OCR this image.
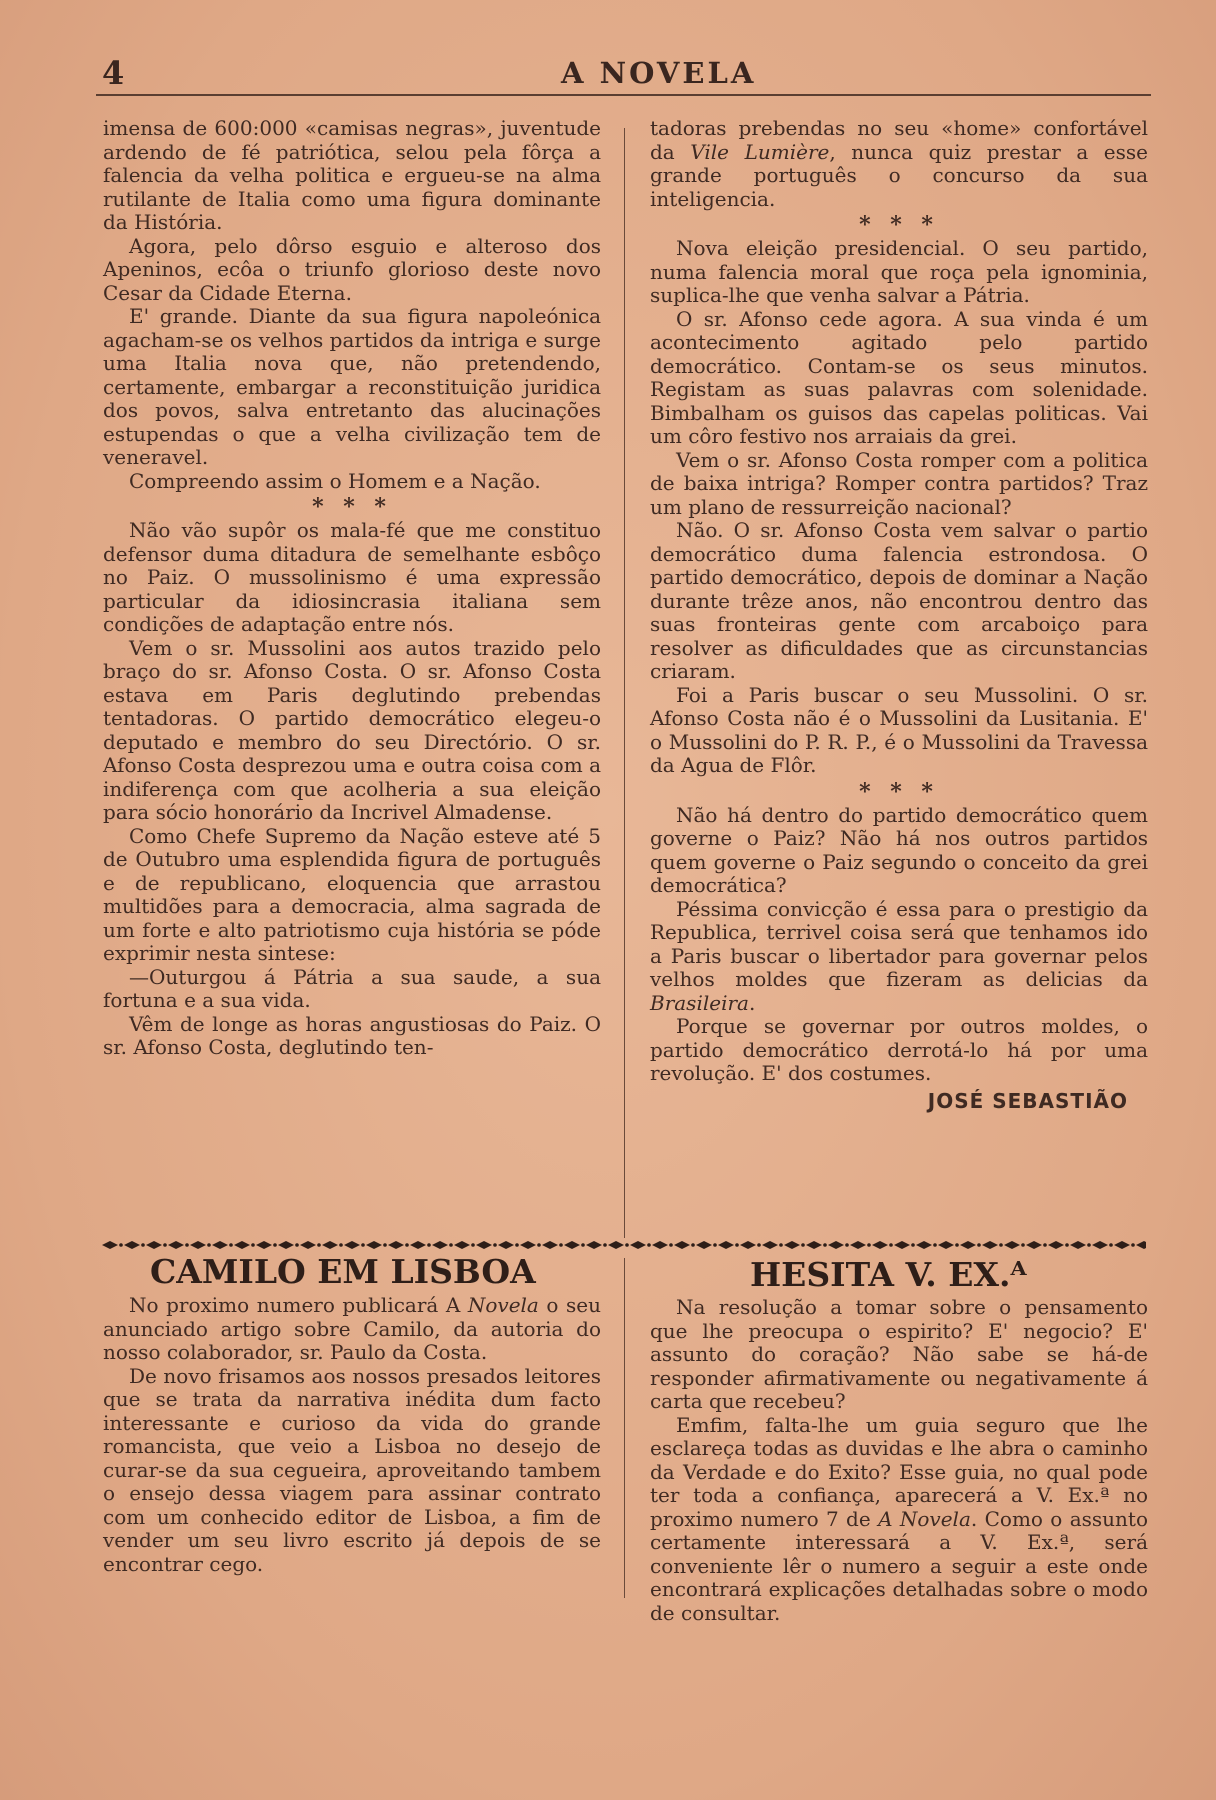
4	A NOVELA

imensa de 600:000 «camisas negras», juventude ardendo de fé patriótica, selou pela fôrça a falencia da velha politica e ergueu-se na alma rutilante de Italia como uma figura dominante da História.

Agora, pelo dôrso esguio e alteroso dos Apeninos, ecôa o triunfo glorioso deste novo Cesar da Cidade Eterna.

E' grande. Diante da sua figura napoleónica agacham-se os velhos partidos da intriga e surge uma Italia nova que, não pretendendo, certamente, embargar a reconstituição juridica dos povos, salva entretanto das alucinações estupendas o que a velha civilização tem de veneravel.

Compreendo assim o Homem e a Nação.

* * *

Não vão supôr os mala-fé que me constituo defensor duma ditadura de semelhante esbôço no Paiz. O mussolinismo é uma expressão particular da idiosincrasia italiana sem condições de adaptação entre nós.

Vem o sr. Mussolini aos autos trazido pelo braço do sr. Afonso Costa. O sr. Afonso Costa estava em Paris deglutindo prebendas tentadoras. O partido democrático elegeu-o deputado e membro do seu Directório. O sr. Afonso Costa desprezou uma e outra coisa com a indiferença com que acolheria a sua eleição para sócio honorário da Incrivel Almadense.

Como Chefe Supremo da Nação esteve até 5 de Outubro uma esplendida figura de português e de republicano, eloquencia que arrastou multidões para a democracia, alma sagrada de um forte e alto patriotismo cuja história se póde exprimir nesta sintese:

—Outurgou á Pátria a sua saude, a sua fortuna e a sua vida.

Vêm de longe as horas angustiosas do Paiz. O sr. Afonso Costa, deglutindo ten-

tadoras prebendas no seu «home» confortável da Vile Lumière, nunca quiz prestar a esse grande português o concurso da sua inteligencia.

* * *

Nova eleição presidencial. O seu partido, numa falencia moral que roça pela ignominia, suplica-lhe que venha salvar a Pátria.

O sr. Afonso cede agora. A sua vinda é um acontecimento agitado pelo partido democrático. Contam-se os seus minutos. Registam as suas palavras com solenidade. Bimbalham os guisos das capelas politicas. Vai um côro festivo nos arraiais da grei.

Vem o sr. Afonso Costa romper com a politica de baixa intriga? Romper contra partidos? Traz um plano de ressurreição nacional?

Não. O sr. Afonso Costa vem salvar o partio democrático duma falencia estrondosa. O partido democrático, depois de dominar a Nação durante trêze anos, não encontrou dentro das suas fronteiras gente com arcaboiço para resolver as dificuldades que as circunstancias criaram.

Foi a Paris buscar o seu Mussolini. O sr. Afonso Costa não é o Mussolini da Lusitania. E' o Mussolini do P. R. P., é o Mussolini da Travessa da Agua de Flôr.

* * *

Não há dentro do partido democrático quem governe o Paiz? Não há nos outros partidos quem governe o Paiz segundo o conceito da grei democrática?

Péssima convicção é essa para o prestigio da Republica, terrivel coisa será que tenhamos ido a Paris buscar o libertador para governar pelos velhos moldes que fizeram as delicias da Brasileira.

Porque se governar por outros moldes, o partido democrático derrotá-lo há por uma revolução. E' dos costumes.

JOSÉ SEBASTIÃO
CAMILO EM LISBOA

No proximo numero publicará A Novela o seu anunciado artigo sobre Camilo, da autoria do nosso colaborador, sr. Paulo da Costa.

De novo frisamos aos nossos presados leitores que se trata da narrativa inédita dum facto interessante e curioso da vida do grande romancista, que veio a Lisboa no desejo de curar-se da sua cegueira, aproveitando tambem o ensejo dessa viagem para assinar contrato com um conhecido editor de Lisboa, a fim de vender um seu livro escrito já depois de se encontrar cego.

HESITA V. EX.ᴬ

Na resolução a tomar sobre o pensamento que lhe preocupa o espirito? E' negocio? E' assunto do coração? Não sabe se há-de responder afirmativamente ou negativamente á carta que recebeu?

Emfim, falta-lhe um guia seguro que lhe esclareça todas as duvidas e lhe abra o caminho da Verdade e do Exito? Esse guia, no qual pode ter toda a confiança, aparecerá a V. Ex.ª no proximo numero 7 de A Novela. Como o assunto certamente interessará a V. Ex.ª, será conveniente lêr o numero a seguir a este onde encontrará explicações detalhadas sobre o modo de consultar.
